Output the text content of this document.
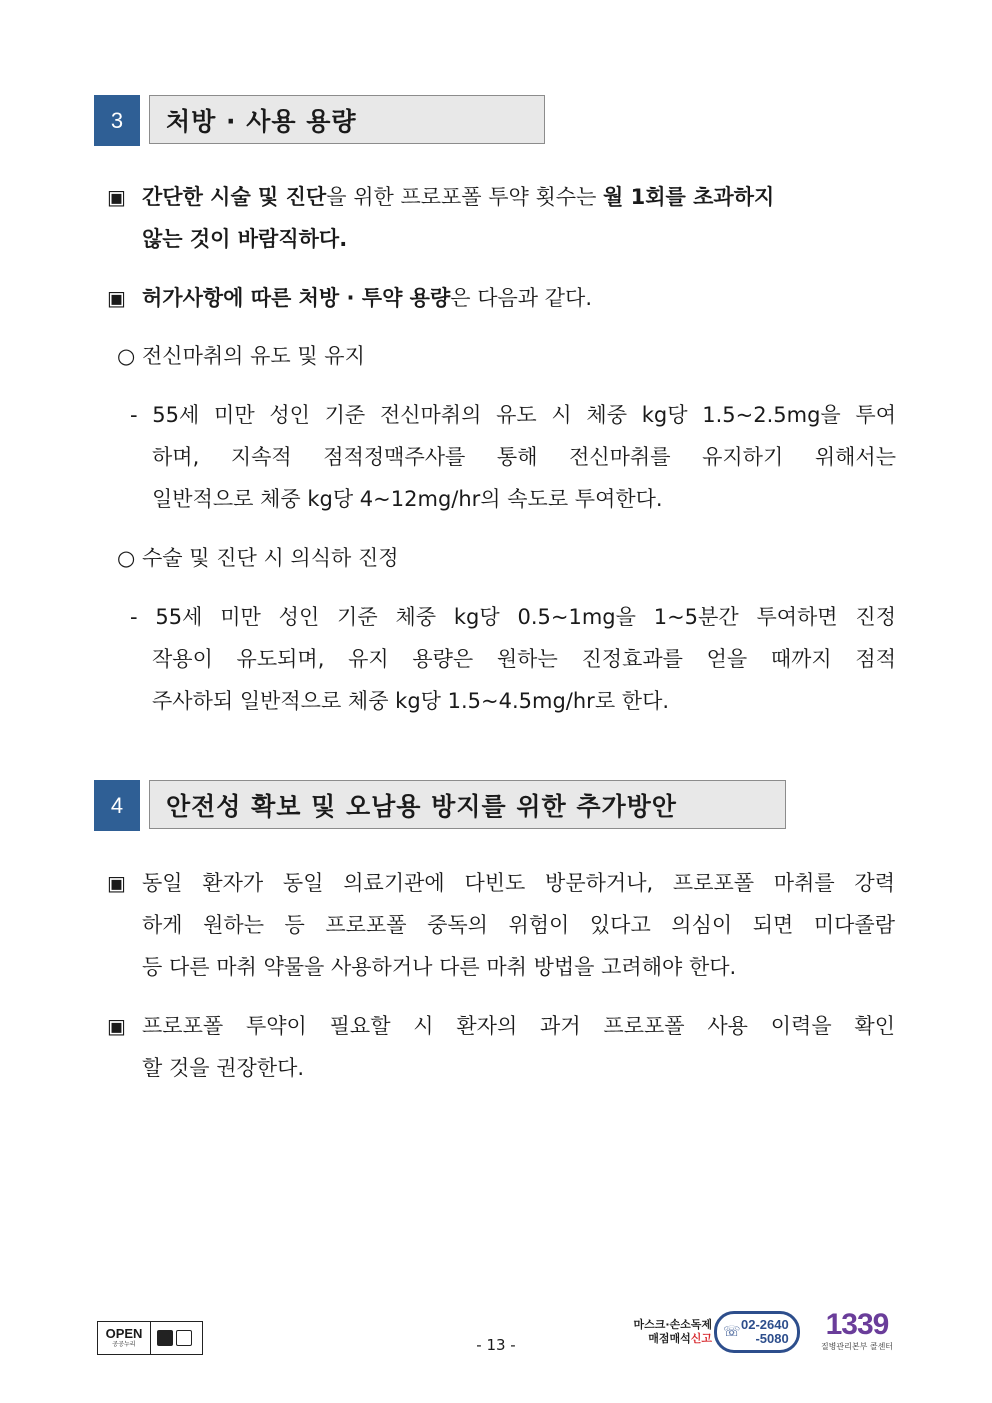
3	처방 · 사용 용량
▣ 간단한 시술 및 진단을 위한 프로포폴 투약 횟수는 월 1회를 초과하지
않는 것이 바람직하다.
▣ 허가사항에 따른 처방 · 투약 용량은 다음과 같다.
○ 전신마취의 유도 및 유지
- 55세 미만 성인 기준 전신마취의 유도 시 체중 kg당 1.5~2.5mg을 투여
하며, 지속적 점적정맥주사를 통해 전신마취를 유지하기 위해서는
일반적으로 체중 kg당 4~12mg/hr의 속도로 투여한다.
○ 수술 및 진단 시 의식하 진정
- 55세 미만 성인 기준 체중 kg당 0.5~1mg을 1~5분간 투여하면 진정
작용이 유도되며, 유지 용량은 원하는 진정효과를 얻을 때까지 점적
주사하되 일반적으로 체중 kg당 1.5~4.5mg/hr로 한다.
4	안전성 확보 및 오남용 방지를 위한 추가방안
▣ 동일 환자가 동일 의료기관에 다빈도 방문하거나, 프로포폴 마취를 강력
하게 원하는 등 프로포폴 중독의 위험이 있다고 의심이 되면 미다졸람
등 다른 마취 약물을 사용하거나 다른 마취 방법을 고려해야 한다.
▣ 프로포폴 투약이 필요할 시 환자의 과거 프로포폴 사용 이력을 확인
할 것을 권장한다.
OPEN
공공누리	- 13 -
마스크·손소독제
매점매석신고 ☏ 02-2640
-5080	1339
질병관리본부 콜센터
